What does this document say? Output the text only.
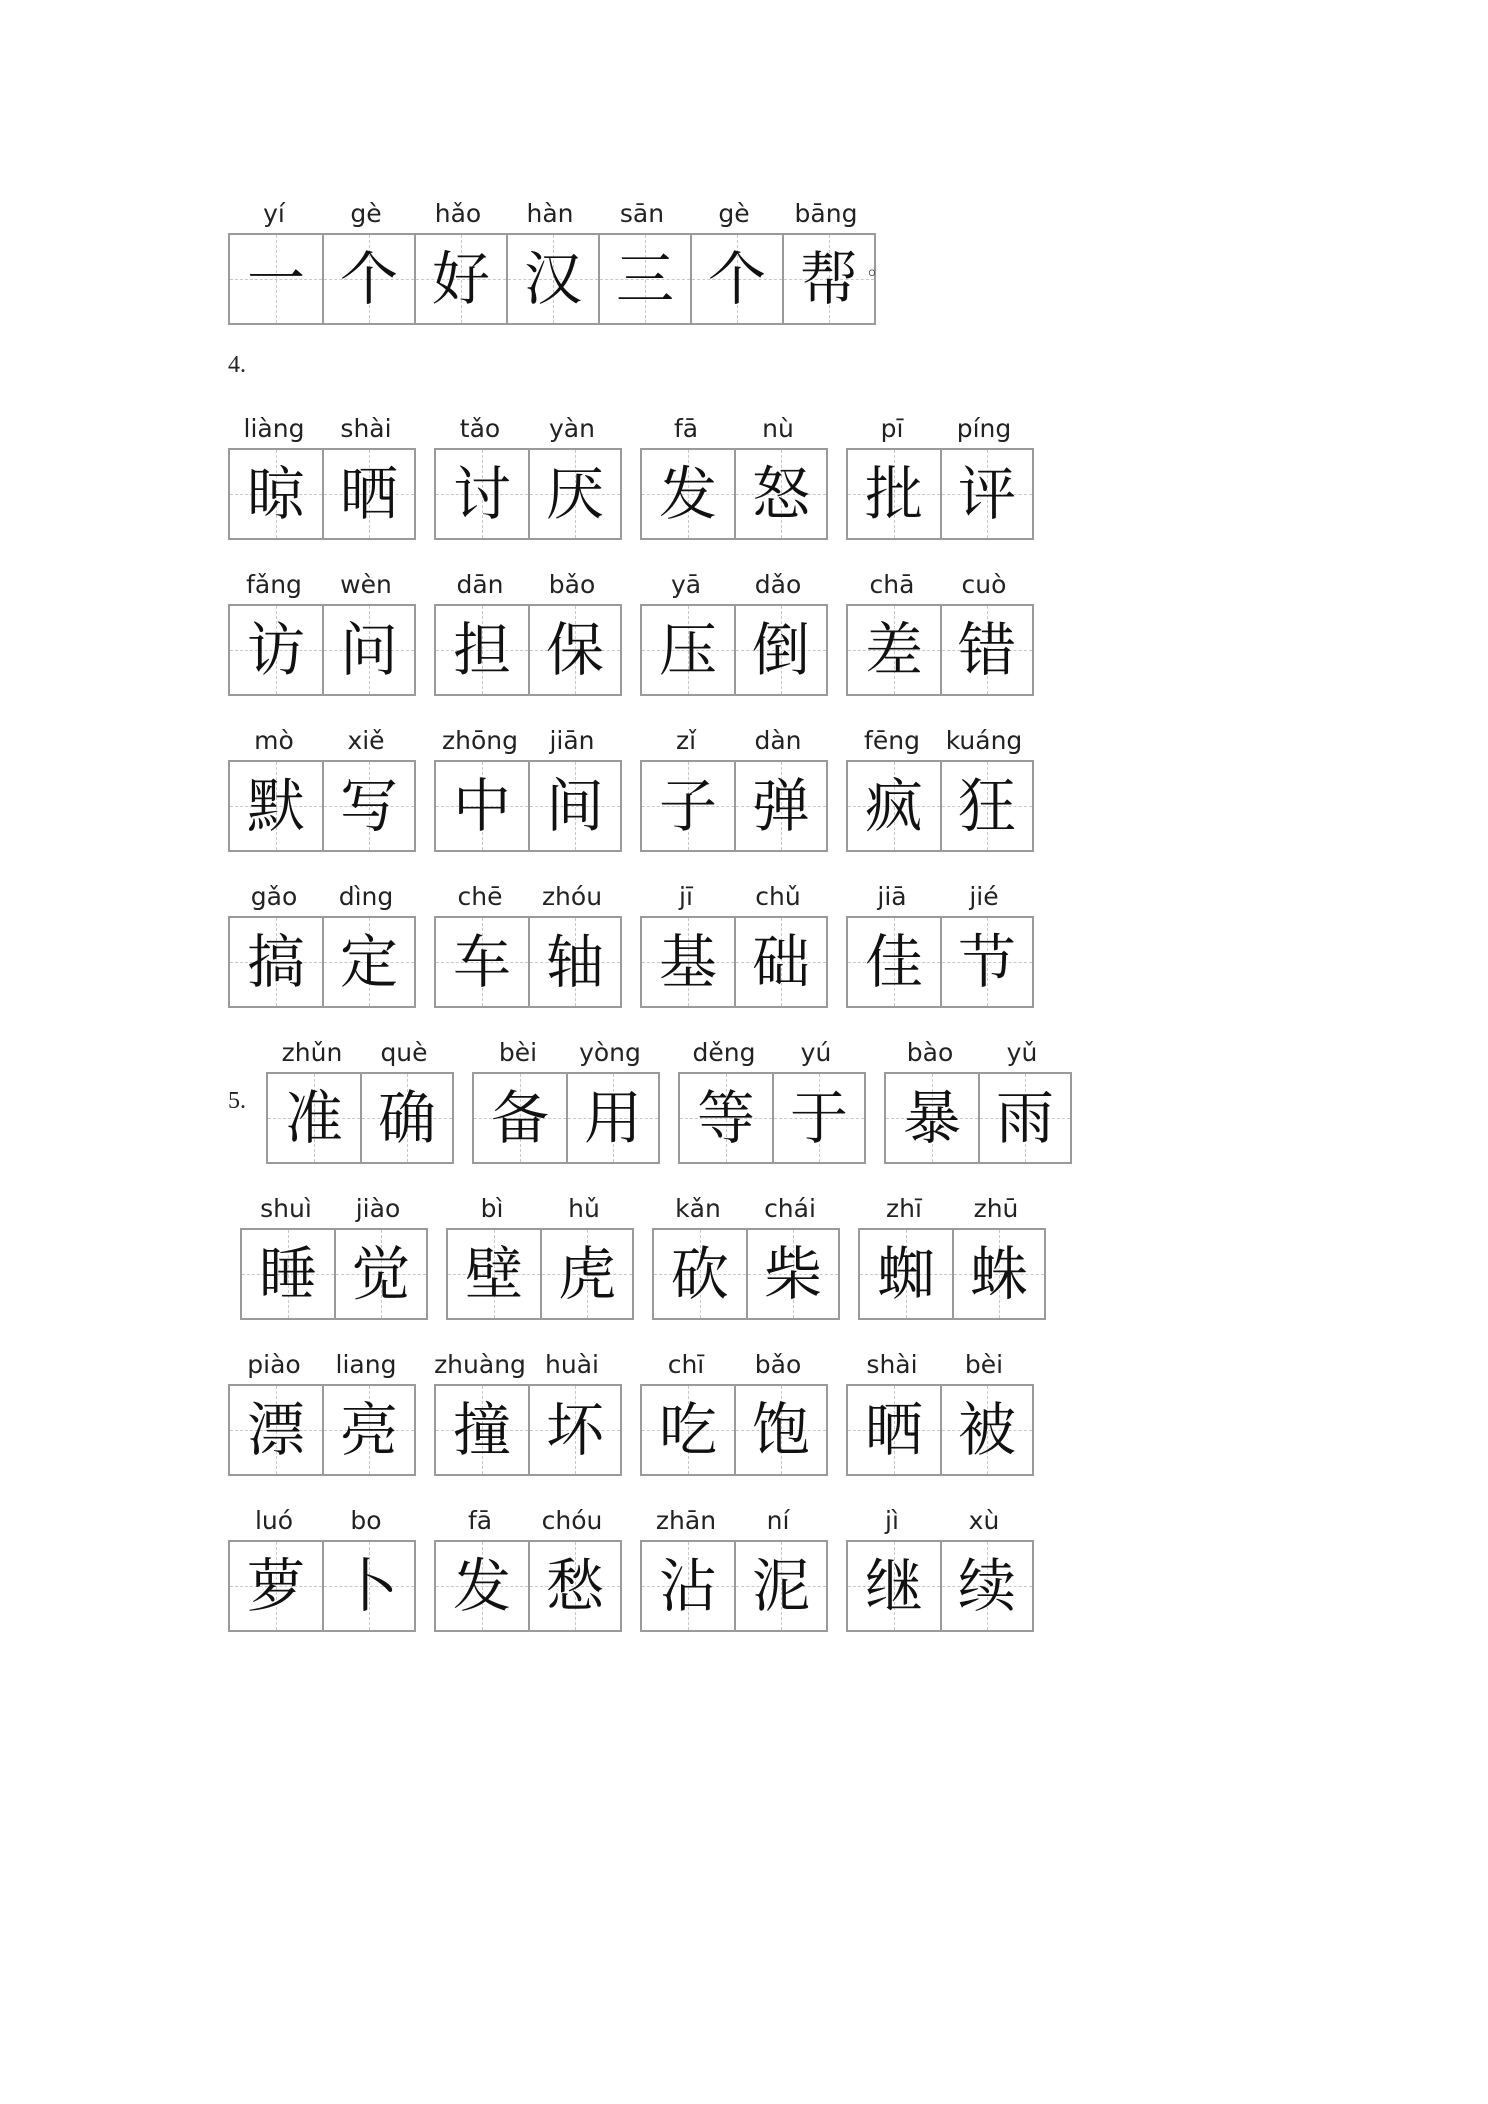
yí	gè	hǎo	hàn	sān	gè	bāng
一 个 好 汉 三 个 帮 。
4.
liàng	shài
晾 晒
tǎo	yàn
讨 厌
fā	nù
发 怒
pī	píng
批 评
fǎng	wèn
访 问
dān	bǎo
担 保
yā	dǎo
压 倒
chā	cuò
差 错
mò	xiě
默 写
zhōng	jiān
中 间
zǐ	dàn
子 弹
fēng	kuáng
疯 狂
gǎo	dìng
搞 定
chē	zhóu
车 轴
jī	chǔ
基 础
jiā	jié
佳 节
5.
zhǔn	què
准 确
bèi	yòng
备 用
děng	yú
等 于
bào	yǔ
暴 雨
shuì	jiào
睡 觉
bì	hǔ
壁 虎
kǎn	chái
砍 柴
zhī	zhū
蜘 蛛
piào	liang
漂 亮
zhuàng huài
撞 坏
chī	bǎo
吃 饱
shài	bèi
晒 被
luó	bo
萝 卜
fā	chóu
发 愁
zhān	ní
沾 泥
jì	xù
继 续
